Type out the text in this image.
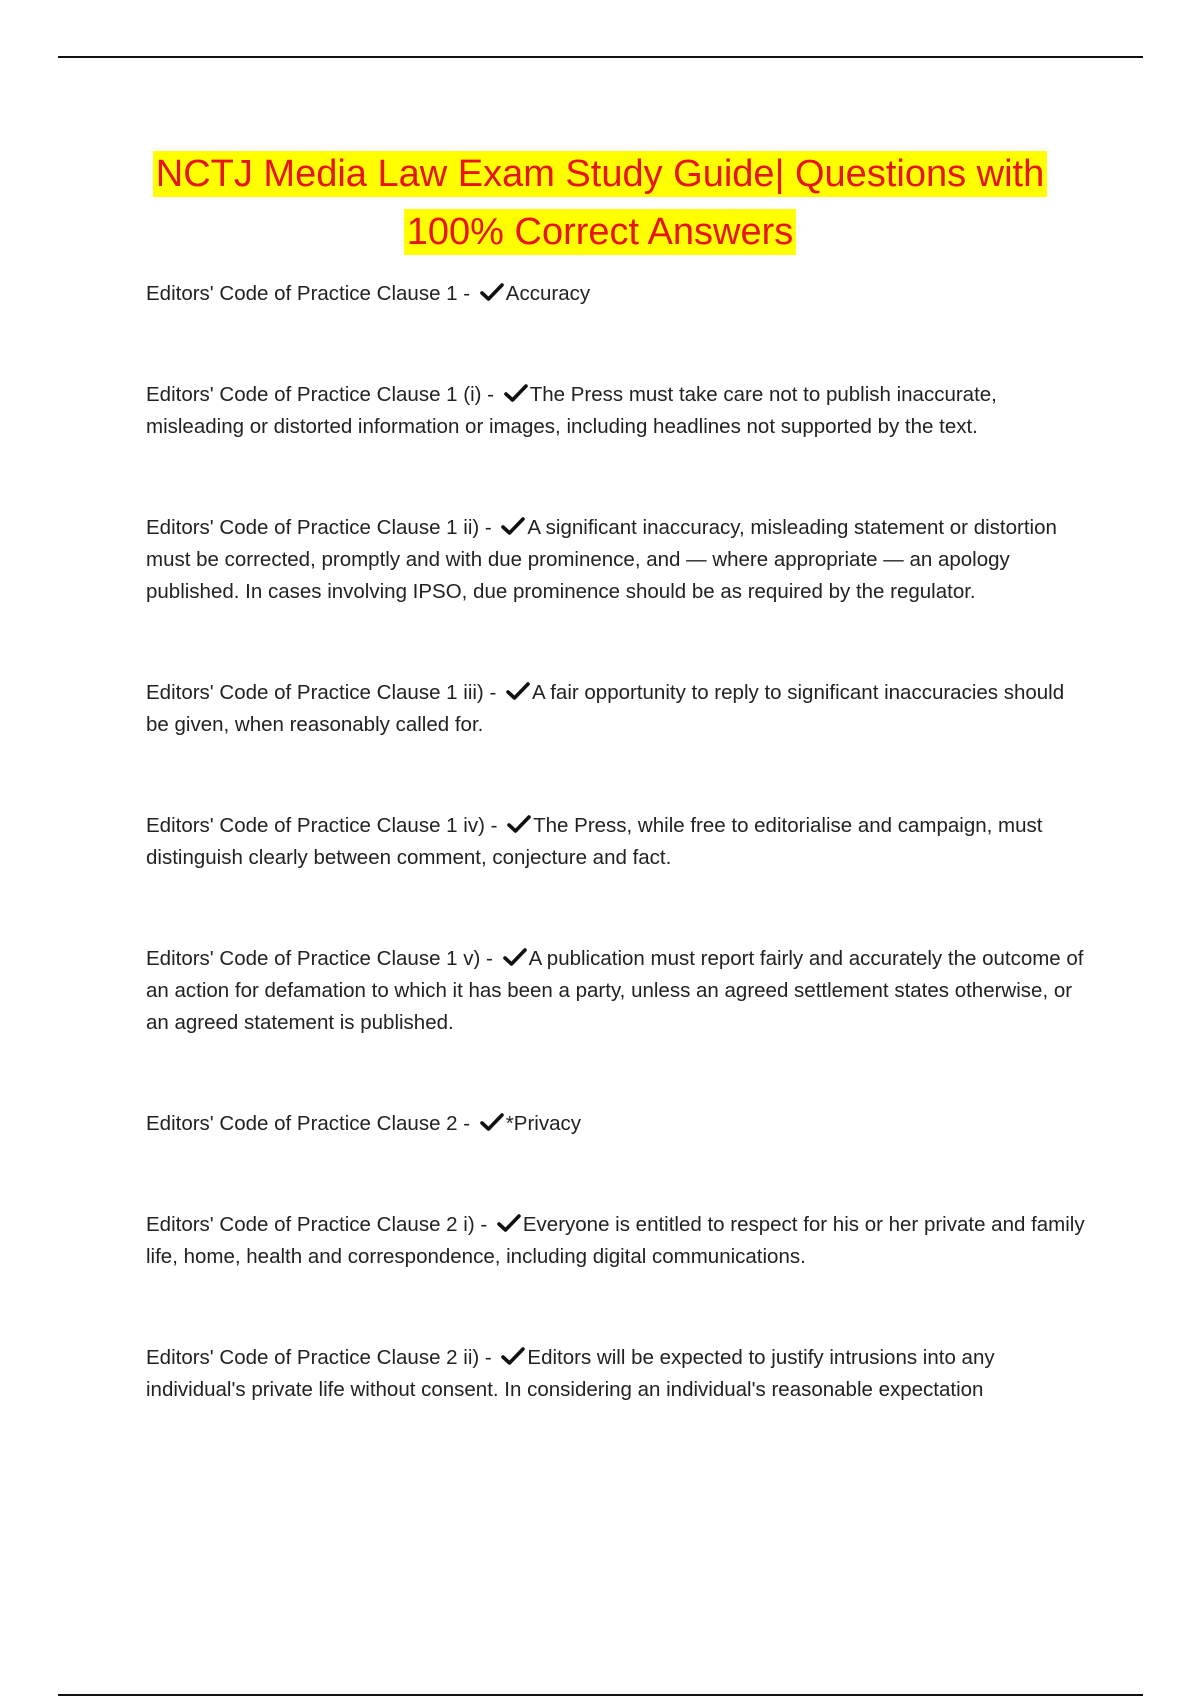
NCTJ Media Law Exam Study Guide| Questions with
100% Correct Answers

Editors' Code of Practice Clause 1 - Accuracy

Editors' Code of Practice Clause 1 (i) - The Press must take care not to publish inaccurate, misleading or distorted information or images, including headlines not supported by the text.

Editors' Code of Practice Clause 1 ii) - A significant inaccuracy, misleading statement or distortion must be corrected, promptly and with due prominence, and — where appropriate — an apology published. In cases involving IPSO, due prominence should be as required by the regulator.

Editors' Code of Practice Clause 1 iii) - A fair opportunity to reply to significant inaccuracies should be given, when reasonably called for.

Editors' Code of Practice Clause 1 iv) - The Press, while free to editorialise and campaign, must distinguish clearly between comment, conjecture and fact.

Editors' Code of Practice Clause 1 v) - A publication must report fairly and accurately the outcome of an action for defamation to which it has been a party, unless an agreed settlement states otherwise, or an agreed statement is published.

Editors' Code of Practice Clause 2 - *Privacy

Editors' Code of Practice Clause 2 i) - Everyone is entitled to respect for his or her private and family life, home, health and correspondence, including digital communications.

Editors' Code of Practice Clause 2 ii) - Editors will be expected to justify intrusions into any individual's private life without consent. In considering an individual's reasonable expectation
